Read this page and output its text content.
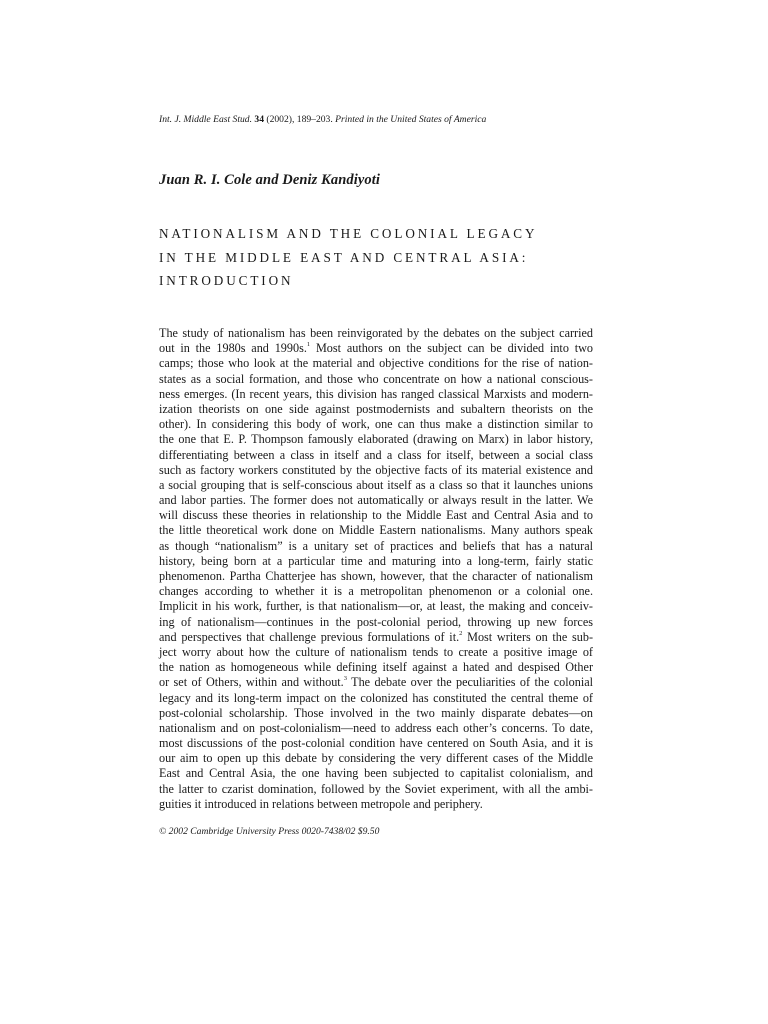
Int. J. Middle East Stud. 34 (2002), 189–203. Printed in the United States of America
Juan R. I. Cole and Deniz Kandiyoti
NATIONALISM AND THE COLONIAL LEGACY
IN THE MIDDLE EAST AND CENTRAL ASIA:
INTRODUCTION
The study of nationalism has been reinvigorated by the debates on the subject carried
out in the 1980s and 1990s.$^1$ Most authors on the subject can be divided into two
camps; those who look at the material and objective conditions for the rise of nation-
states as a social formation, and those who concentrate on how a national conscious-
ness emerges. (In recent years, this division has ranged classical Marxists and modern-
ization theorists on one side against postmodernists and subaltern theorists on the
other). In considering this body of work, one can thus make a distinction similar to
the one that E. P. Thompson famously elaborated (drawing on Marx) in labor history,
differentiating between a class in itself and a class for itself, between a social class
such as factory workers constituted by the objective facts of its material existence and
a social grouping that is self-conscious about itself as a class so that it launches unions
and labor parties. The former does not automatically or always result in the latter. We
will discuss these theories in relationship to the Middle East and Central Asia and to
the little theoretical work done on Middle Eastern nationalisms. Many authors speak
as though “nationalism” is a unitary set of practices and beliefs that has a natural
history, being born at a particular time and maturing into a long-term, fairly static
phenomenon. Partha Chatterjee has shown, however, that the character of nationalism
changes according to whether it is a metropolitan phenomenon or a colonial one.
Implicit in his work, further, is that nationalism—or, at least, the making and conceiv-
ing of nationalism—continues in the post-colonial period, throwing up new forces
and perspectives that challenge previous formulations of it.$^2$ Most writers on the sub-
ject worry about how the culture of nationalism tends to create a positive image of
the nation as homogeneous while defining itself against a hated and despised Other
or set of Others, within and without.$^3$ The debate over the peculiarities of the colonial
legacy and its long-term impact on the colonized has constituted the central theme of
post-colonial scholarship. Those involved in the two mainly disparate debates—on
nationalism and on post-colonialism—need to address each other’s concerns. To date,
most discussions of the post-colonial condition have centered on South Asia, and it is
our aim to open up this debate by considering the very different cases of the Middle
East and Central Asia, the one having been subjected to capitalist colonialism, and
the latter to czarist domination, followed by the Soviet experiment, with all the ambi-
guities it introduced in relations between metropole and periphery.
© 2002 Cambridge University Press 0020-7438/02 $9.50
